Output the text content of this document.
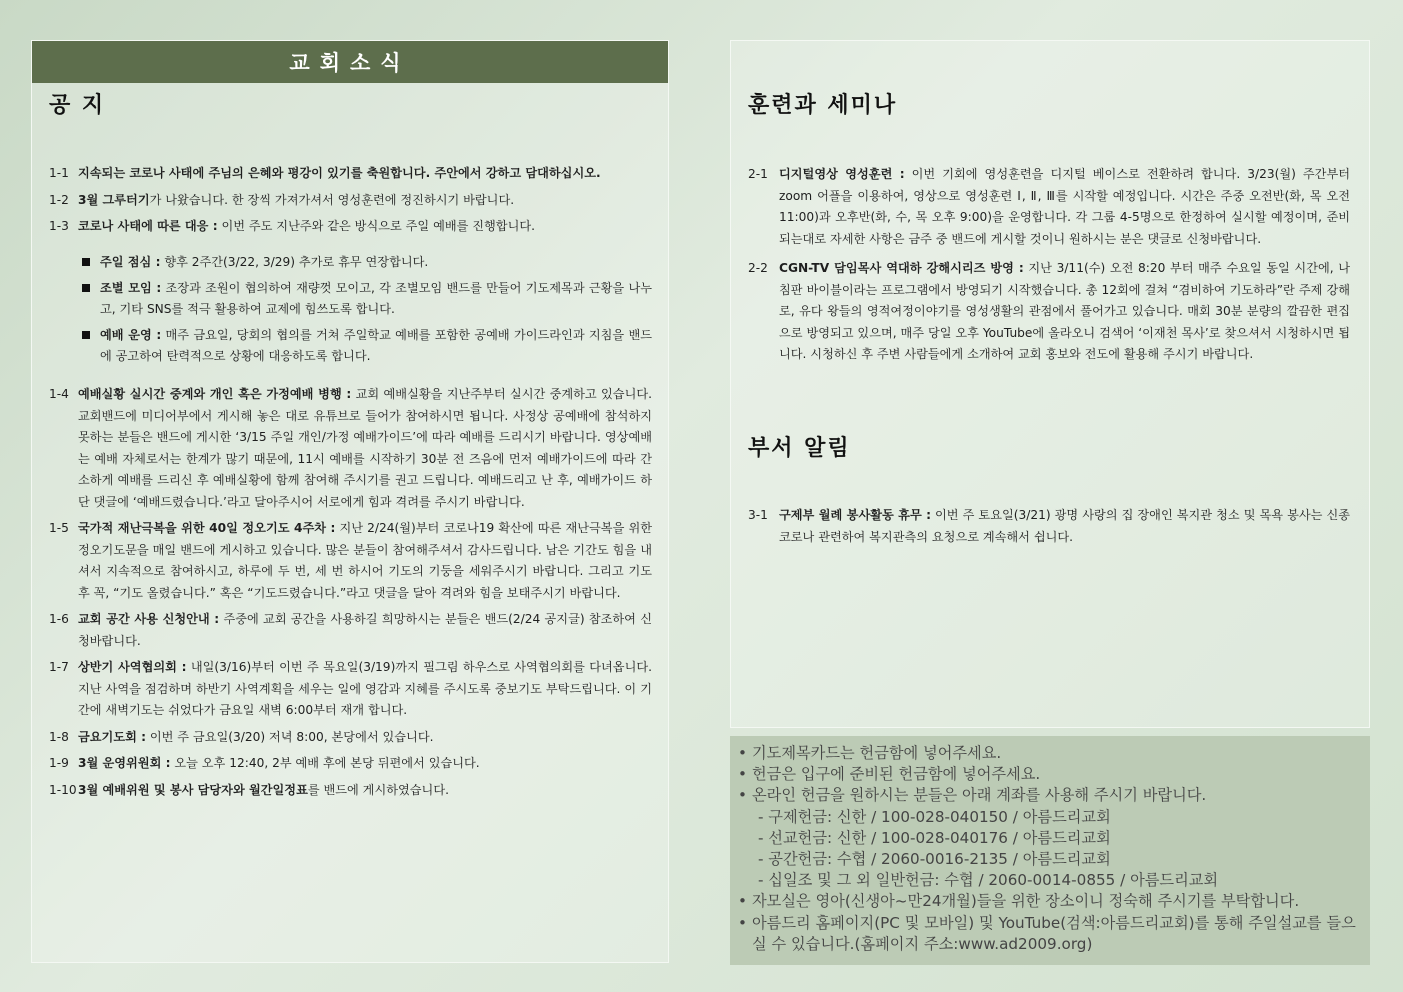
교회소식
공 지
1-1 지속되는 코로나 사태에 주님의 은혜와 평강이 있기를 축원합니다. 주안에서 강하고 담대하십시오.
1-2 3월 그루터기가 나왔습니다. 한 장씩 가져가셔서 영성훈련에 정진하시기 바랍니다.
1-3 코로나 사태에 따른 대응 : 이번 주도 지난주와 같은 방식으로 주일 예배를 진행합니다.
주일 점심 : 향후 2주간(3/22, 3/29) 추가로 휴무 연장합니다.
조별 모임 : 조장과 조원이 협의하여 재량껏 모이고, 각 조별모임 밴드를 만들어 기도제목과 근황을 나누고, 기타 SNS를 적극 활용하여 교제에 힘쓰도록 합니다.
예배 운영 : 매주 금요일, 당회의 협의를 거쳐 주일학교 예배를 포함한 공예배 가이드라인과 지침을 밴드에 공고하여 탄력적으로 상황에 대응하도록 합니다.
1-4 예배실황 실시간 중계와 개인 혹은 가정예배 병행 : 교회 예배실황을 지난주부터 실시간 중계하고 있습니다. 교회밴드에 미디어부에서 게시해 놓은 대로 유튜브로 들어가 참여하시면 됩니다. 사정상 공예배에 참석하지 못하는 분들은 밴드에 게시한 ‘3/15 주일 개인/가정 예배가이드’에 따라 예배를 드리시기 바랍니다. 영상예배는 예배 자체로서는 한계가 많기 때문에, 11시 예배를 시작하기 30분 전 즈음에 먼저 예배가이드에 따라 간소하게 예배를 드리신 후 예배실황에 함께 참여해 주시기를 권고 드립니다. 예배드리고 난 후, 예배가이드 하단 댓글에 ‘예배드렸습니다.’라고 달아주시어 서로에게 힘과 격려를 주시기 바랍니다.
1-5 국가적 재난극복을 위한 40일 정오기도 4주차 : 지난 2/24(월)부터 코로나19 확산에 따른 재난극복을 위한 정오기도문을 매일 밴드에 게시하고 있습니다. 많은 분들이 참여해주셔서 감사드립니다. 남은 기간도 힘을 내셔서 지속적으로 참여하시고, 하루에 두 번, 세 번 하시어 기도의 기둥을 세워주시기 바랍니다. 그리고 기도 후 꼭, “기도 올렸습니다.” 혹은 “기도드렸습니다.”라고 댓글을 달아 격려와 힘을 보태주시기 바랍니다.
1-6 교회 공간 사용 신청안내 : 주중에 교회 공간을 사용하길 희망하시는 분들은 밴드(2/24 공지글) 참조하여 신청바랍니다.
1-7 상반기 사역협의회 : 내일(3/16)부터 이번 주 목요일(3/19)까지 필그림 하우스로 사역협의회를 다녀옵니다. 지난 사역을 점검하며 하반기 사역계획을 세우는 일에 영감과 지혜를 주시도록 중보기도 부탁드립니다. 이 기간에 새벽기도는 쉬었다가 금요일 새벽 6:00부터 재개 합니다.
1-8 금요기도회 : 이번 주 금요일(3/20) 저녁 8:00, 본당에서 있습니다.
1-9 3월 운영위원회 : 오늘 오후 12:40, 2부 예배 후에 본당 뒤편에서 있습니다.
1-10 3월 예배위원 및 봉사 담당자와 월간일정표를 밴드에 게시하였습니다.
훈련과 세미나
2-1 디지털영상 영성훈련 : 이번 기회에 영성훈련을 디지털 베이스로 전환하려 합니다. 3/23(월) 주간부터 zoom 어플을 이용하여, 영상으로 영성훈련 Ⅰ, Ⅱ, Ⅲ를 시작할 예정입니다. 시간은 주중 오전반(화, 목 오전 11:00)과 오후반(화, 수, 목 오후 9:00)을 운영합니다. 각 그룹 4-5명으로 한정하여 실시할 예정이며, 준비 되는대로 자세한 사항은 금주 중 밴드에 게시할 것이니 원하시는 분은 댓글로 신청바랍니다.
2-2 CGN-TV 담임목사 역대하 강해시리즈 방영 : 지난 3/11(수) 오전 8:20 부터 매주 수요일 동일 시간에, 나침판 바이블이라는 프로그램에서 방영되기 시작했습니다. 총 12회에 걸쳐 “겸비하여 기도하라”란 주제 강해로, 유다 왕들의 영적여정이야기를 영성생활의 관점에서 풀어가고 있습니다. 매회 30분 분량의 깔끔한 편집으로 방영되고 있으며, 매주 당일 오후 YouTube에 올라오니 검색어 ‘이재천 목사’로 찾으셔서 시청하시면 됩니다. 시청하신 후 주변 사람들에게 소개하여 교회 홍보와 전도에 활용해 주시기 바랍니다.
부서 알림
3-1 구제부 월례 봉사활동 휴무 : 이번 주 토요일(3/21) 광명 사랑의 집 장애인 복지관 청소 및 목욕 봉사는 신종코로나 관련하여 복지관측의 요청으로 계속해서 쉽니다.
• 기도제목카드는 헌금함에 넣어주세요.
• 헌금은 입구에 준비된 헌금함에 넣어주세요.
• 온라인 헌금을 원하시는 분들은 아래 계좌를 사용해 주시기 바랍니다.
- 구제헌금: 신한 / 100-028-040150 / 아름드리교회
- 선교헌금: 신한 / 100-028-040176 / 아름드리교회
- 공간헌금: 수협 / 2060-0016-2135 / 아름드리교회
- 십일조 및 그 외 일반헌금: 수협 / 2060-0014-0855 / 아름드리교회
• 자모실은 영아(신생아~만24개월)들을 위한 장소이니 정숙해 주시기를 부탁합니다.
• 아름드리 홈페이지(PC 및 모바일) 및 YouTube(검색:아름드리교회)를 통해 주일설교를 들으실 수 있습니다.(홈페이지 주소:www.ad2009.org)
